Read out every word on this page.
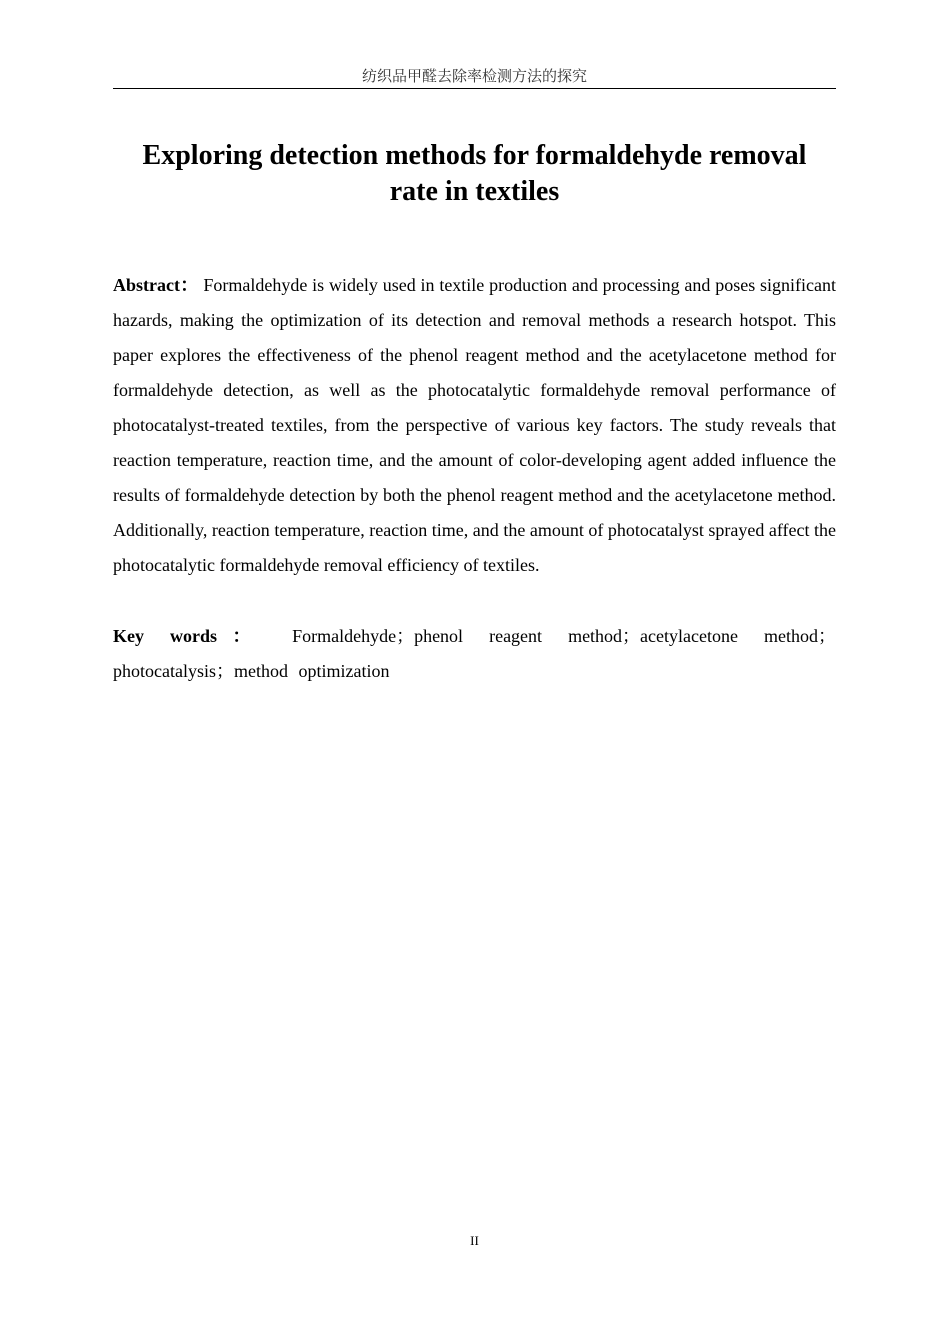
纺织品甲醛去除率检测方法的探究
Exploring detection methods for formaldehyde removal
rate in textiles

Abstract： Formaldehyde is widely used in textile production and processing and poses significant hazards, making the optimization of its detection and removal methods a research hotspot. This paper explores the effectiveness of the phenol reagent method and the acetylacetone method for formaldehyde detection, as well as the photocatalytic formaldehyde removal performance of photocatalyst-treated textiles, from the perspective of various key factors. The study reveals that reaction temperature, reaction time, and the amount of color-developing agent added influence the results of formaldehyde detection by both the phenol reagent method and the acetylacetone method. Additionally, reaction temperature, reaction time, and the amount of photocatalyst sprayed affect the photocatalytic formaldehyde removal efficiency of textiles.

Key words： Formaldehyde；phenol reagent method；acetylacetone method；photocatalysis；method optimization

II
